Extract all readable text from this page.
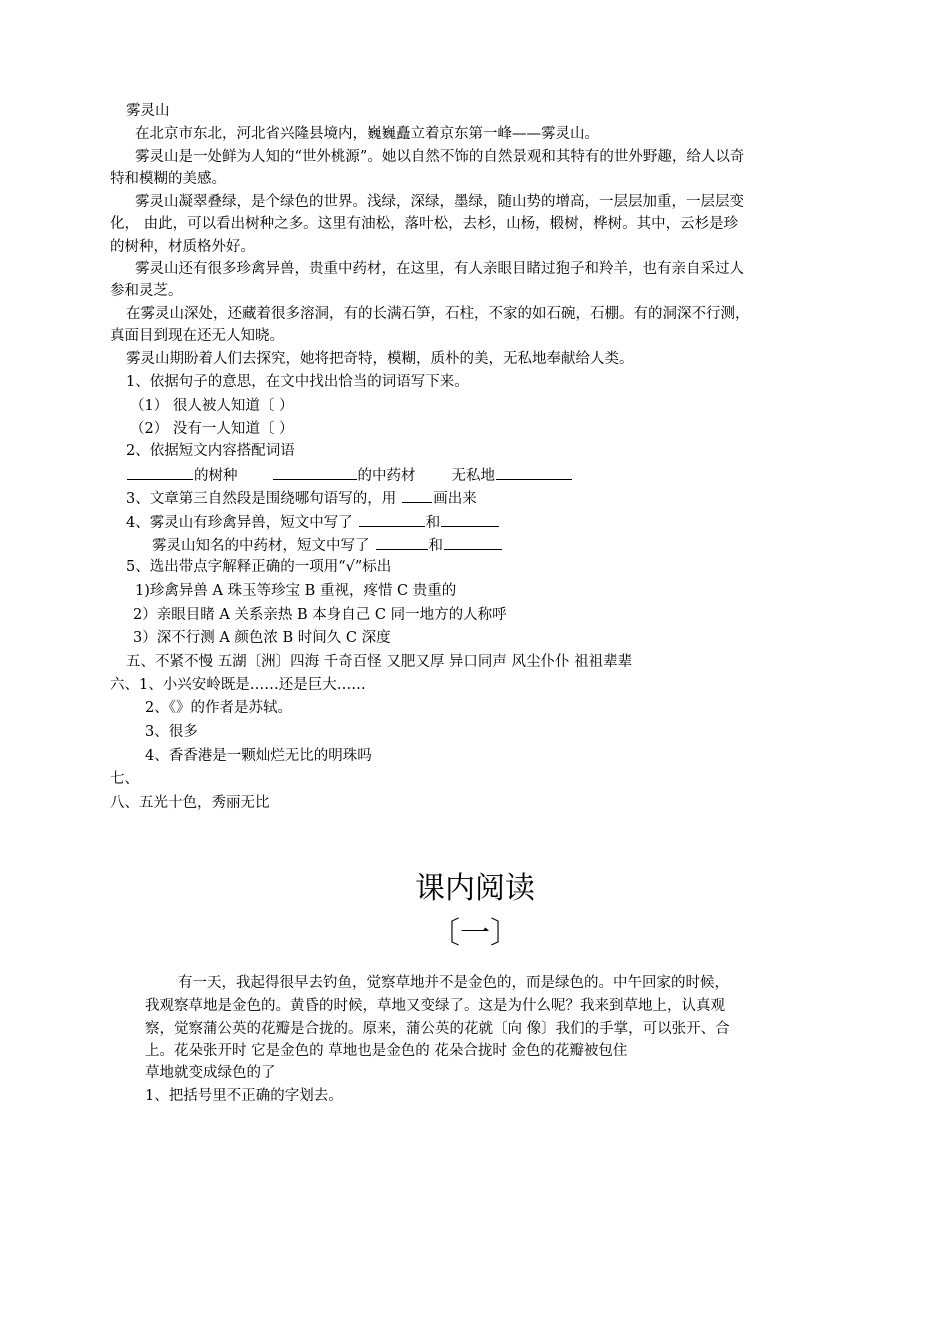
雾灵山
在北京市东北，河北省兴隆县境内，巍巍矗立着京东第一峰——雾灵山。
雾灵山是一处鲜为人知的“世外桃源”。她以自然不饰的自然景观和其特有的世外野趣，给人以奇
特和模糊的美感。
雾灵山凝翠叠绿，是个绿色的世界。浅绿，深绿，墨绿，随山势的增高，一层层加重，一层层变
化， 由此，可以看出树种之多。这里有油松，落叶松，去杉，山杨，椴树，桦树。其中，云杉是珍
的树种，材质格外好。
雾灵山还有很多珍禽异兽，贵重中药材，在这里，有人亲眼目睹过狍子和羚羊，也有亲自采过人
参和灵芝。
在雾灵山深处，还藏着很多溶洞，有的长满石笋，石柱，不家的如石碗，石棚。有的洞深不行测，
真面目到现在还无人知晓。
雾灵山期盼着人们去探究，她将把奇特，模糊，质朴的美，无私地奉献给人类。
1、依据句子的意思，在文中找出恰当的词语写下来。
（1） 很人被人知道〔 ）
（2） 没有一人知道〔 ）
2、依据短文内容搭配词语
的树种	的中药材 无私地
3、文章第三自然段是围绕哪句语写的，用	画出来
4、雾灵山有珍禽异兽，短文中写了	和
雾灵山知名的中药材，短文中写了	和
5、选出带点字解释正确的一项用“√”标出
1)珍禽异兽 A 珠玉等珍宝 B 重视，疼惜 C 贵重的
2）亲眼目睹 A 关系亲热 B 本身自己 C 同一地方的人称呼
3）深不行测 A 颜色浓 B 时间久 C 深度
五、不紧不慢 五湖〔洲〕四海 千奇百怪 又肥又厚 异口同声 风尘仆仆 祖祖辈辈
六、1、小兴安岭既是……还是巨大……
2、《》的作者是苏轼。
3、很多
4、香香港是一颗灿烂无比的明珠吗
七、
八、五光十色，秀丽无比
课内阅读
〔一〕
有一天，我起得很早去钓鱼，觉察草地并不是金色的，而是绿色的。中午回家的时候，
我观察草地是金色的。黄昏的时候，草地又变绿了。这是为什么呢？我来到草地上，认真观
察，觉察蒲公英的花瓣是合拢的。原来，蒲公英的花就〔向 像〕我们的手掌，可以张开、合
上。花朵张开时 它是金色的 草地也是金色的 花朵合拢时 金色的花瓣被包住
草地就变成绿色的了
1、把括号里不正确的字划去。
